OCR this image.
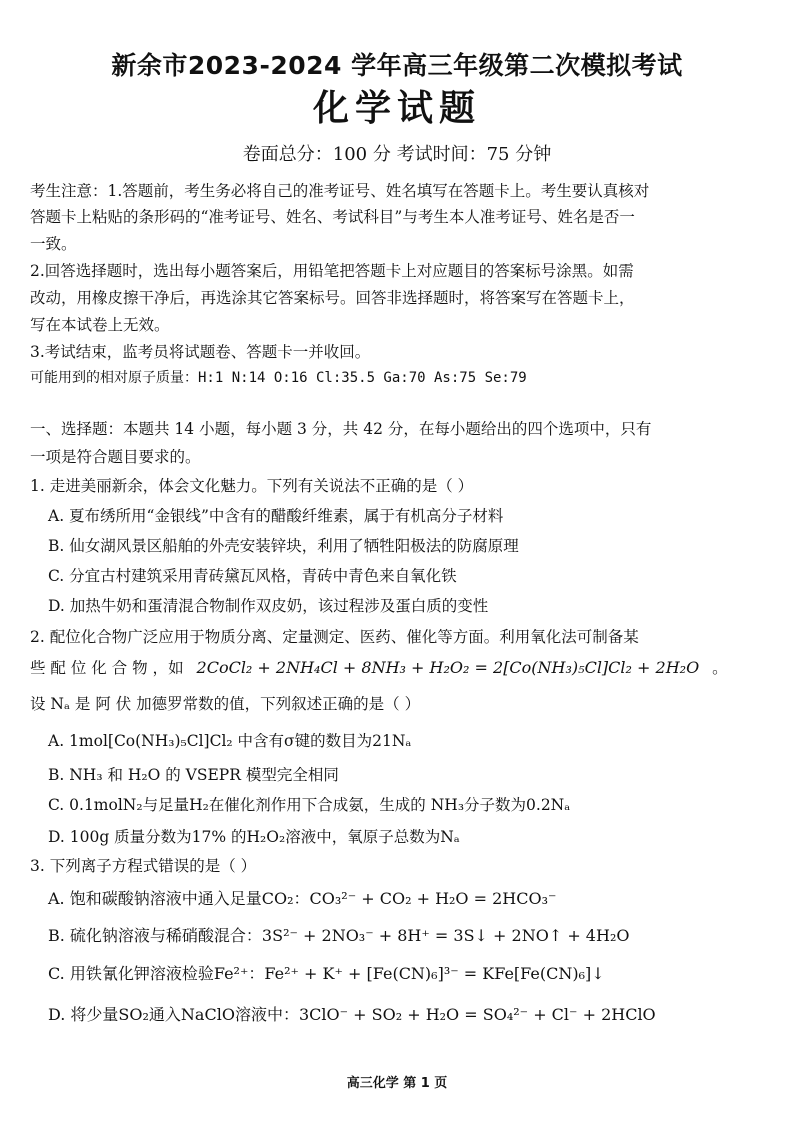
新余市2023-2024 学年高三年级第二次模拟考试
化学试题
卷面总分：100 分 考试时间：75 分钟
考生注意：1.答题前，考生务必将自己的准考证号、姓名填写在答题卡上。考生要认真核对
答题卡上粘贴的条形码的“准考证号、姓名、考试科目”与考生本人准考证号、姓名是否一
一致。
2.回答选择题时，选出每小题答案后，用铅笔把答题卡上对应题目的答案标号涂黑。如需
改动，用橡皮擦干净后，再选涂其它答案标号。回答非选择题时，将答案写在答题卡上，
写在本试卷上无效。
3.考试结束，监考员将试题卷、答题卡一并收回。
可能用到的相对原子质量：H:1 N:14 O:16 Cl:35.5 Ga:70 As:75 Se:79
一、选择题：本题共 14 小题，每小题 3 分，共 42 分，在每小题给出的四个选项中，只有
一项是符合题目要求的。
1. 走进美丽新余，体会文化魅力。下列有关说法不正确的是（ ）
A. 夏布绣所用“金银线”中含有的醋酸纤维素，属于有机高分子材料
B. 仙女湖风景区船舶的外壳安装锌块，利用了牺牲阳极法的防腐原理
C. 分宜古村建筑采用青砖黛瓦风格，青砖中青色来自氧化铁
D. 加热牛奶和蛋清混合物制作双皮奶，该过程涉及蛋白质的变性
2. 配位化合物广泛应用于物质分离、定量测定、医药、催化等方面。利用氧化法可制备某
些 配 位 化 合 物 ，如 2CoCl₂ + 2NH₄Cl + 8NH₃ + H₂O₂ = 2[Co(NH₃)₅Cl]Cl₂ + 2H₂O 。
设 Nₐ 是 阿 伏 加德罗常数的值，下列叙述正确的是（ ）
A. 1mol[Co(NH₃)₅Cl]Cl₂ 中含有σ键的数目为21Nₐ
B. NH₃ 和 H₂O 的 VSEPR 模型完全相同
C. 0.1molN₂与足量H₂在催化剂作用下合成氨，生成的 NH₃分子数为0.2Nₐ
D. 100g 质量分数为17% 的H₂O₂溶液中，氧原子总数为Nₐ
3. 下列离子方程式错误的是（ ）
A. 饱和碳酸钠溶液中通入足量CO₂：CO₃²⁻ + CO₂ + H₂O = 2HCO₃⁻
B. 硫化钠溶液与稀硝酸混合：3S²⁻ + 2NO₃⁻ + 8H⁺ = 3S↓ + 2NO↑ + 4H₂O
C. 用铁氰化钾溶液检验Fe²⁺：Fe²⁺ + K⁺ + [Fe(CN)₆]³⁻ = KFe[Fe(CN)₆]↓
D. 将少量SO₂通入NaClO溶液中：3ClO⁻ + SO₂ + H₂O = SO₄²⁻ + Cl⁻ + 2HClO
高三化学 第 1 页
